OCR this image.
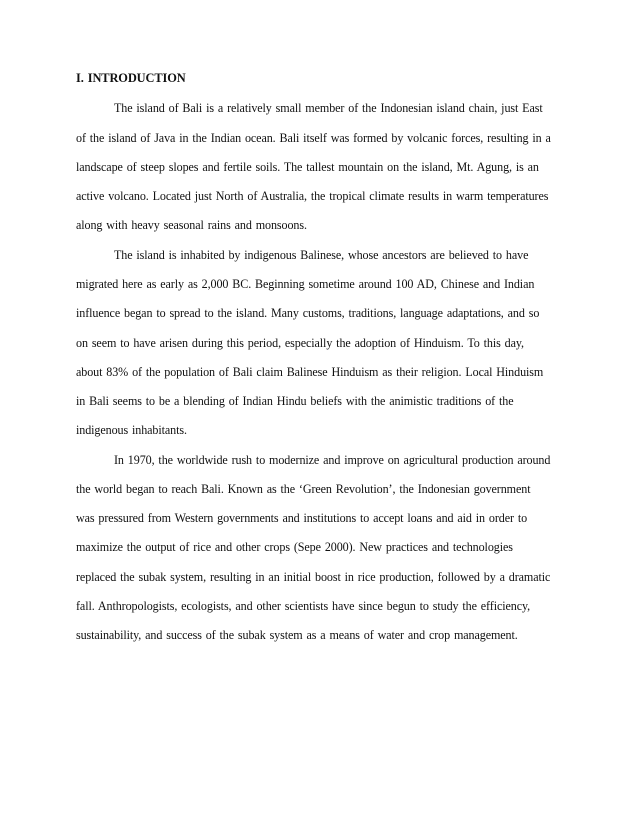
I. INTRODUCTION
The island of Bali is a relatively small member of the Indonesian island chain, just East
of the island of Java in the Indian ocean. Bali itself was formed by volcanic forces, resulting in a
landscape of steep slopes and fertile soils. The tallest mountain on the island, Mt. Agung, is an
active volcano. Located just North of Australia, the tropical climate results in warm temperatures
along with heavy seasonal rains and monsoons.
The island is inhabited by indigenous Balinese, whose ancestors are believed to have
migrated here as early as 2,000 BC. Beginning sometime around 100 AD, Chinese and Indian
influence began to spread to the island. Many customs, traditions, language adaptations, and so
on seem to have arisen during this period, especially the adoption of Hinduism. To this day,
about 83% of the population of Bali claim Balinese Hinduism as their religion. Local Hinduism
in Bali seems to be a blending of Indian Hindu beliefs with the animistic traditions of the
indigenous inhabitants.
In 1970, the worldwide rush to modernize and improve on agricultural production around
the world began to reach Bali. Known as the ‘Green Revolution’, the Indonesian government
was pressured from Western governments and institutions to accept loans and aid in order to
maximize the output of rice and other crops (Sepe 2000). New practices and technologies
replaced the subak system, resulting in an initial boost in rice production, followed by a dramatic
fall. Anthropologists, ecologists, and other scientists have since begun to study the efficiency,
sustainability, and success of the subak system as a means of water and crop management.
